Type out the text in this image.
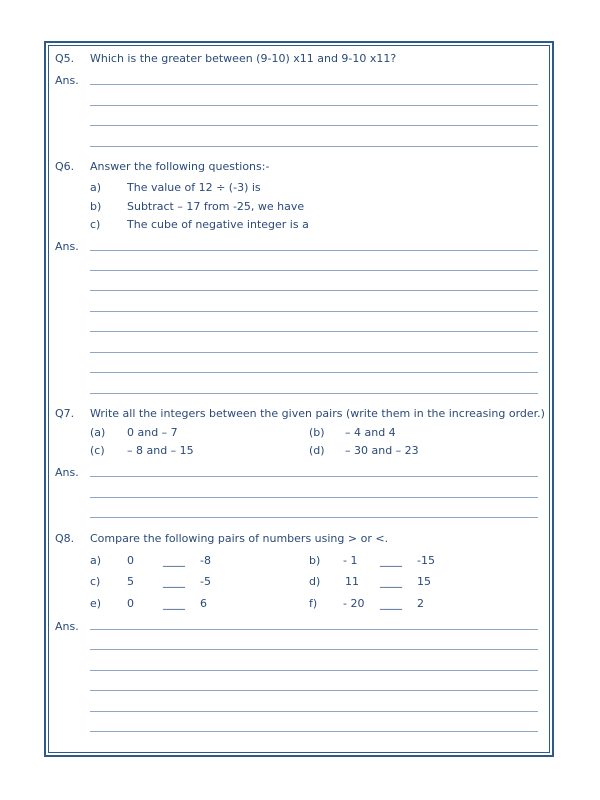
Q5. Which is the greater between (9-10) x11 and 9-10 x11?
Ans.
Q6. Answer the following questions:-
a) The value of 12 ÷ (-3) is
b) Subtract – 17 from -25, we have
c) The cube of negative integer is a
Ans.
Q7. Write all the integers between the given pairs (write them in the increasing order.)
(a) 0 and – 7	(b) – 4 and 4
(c) – 8 and – 15	(d) – 30 and – 23
Ans.
Q8. Compare the following pairs of numbers using > or <.
a) 0	____ -8	b) - 1 ____ -15
c) 5	____ -5	d) 11 ____ 15
e) 0	____ 6	f) - 20 ____ 2
Ans.
